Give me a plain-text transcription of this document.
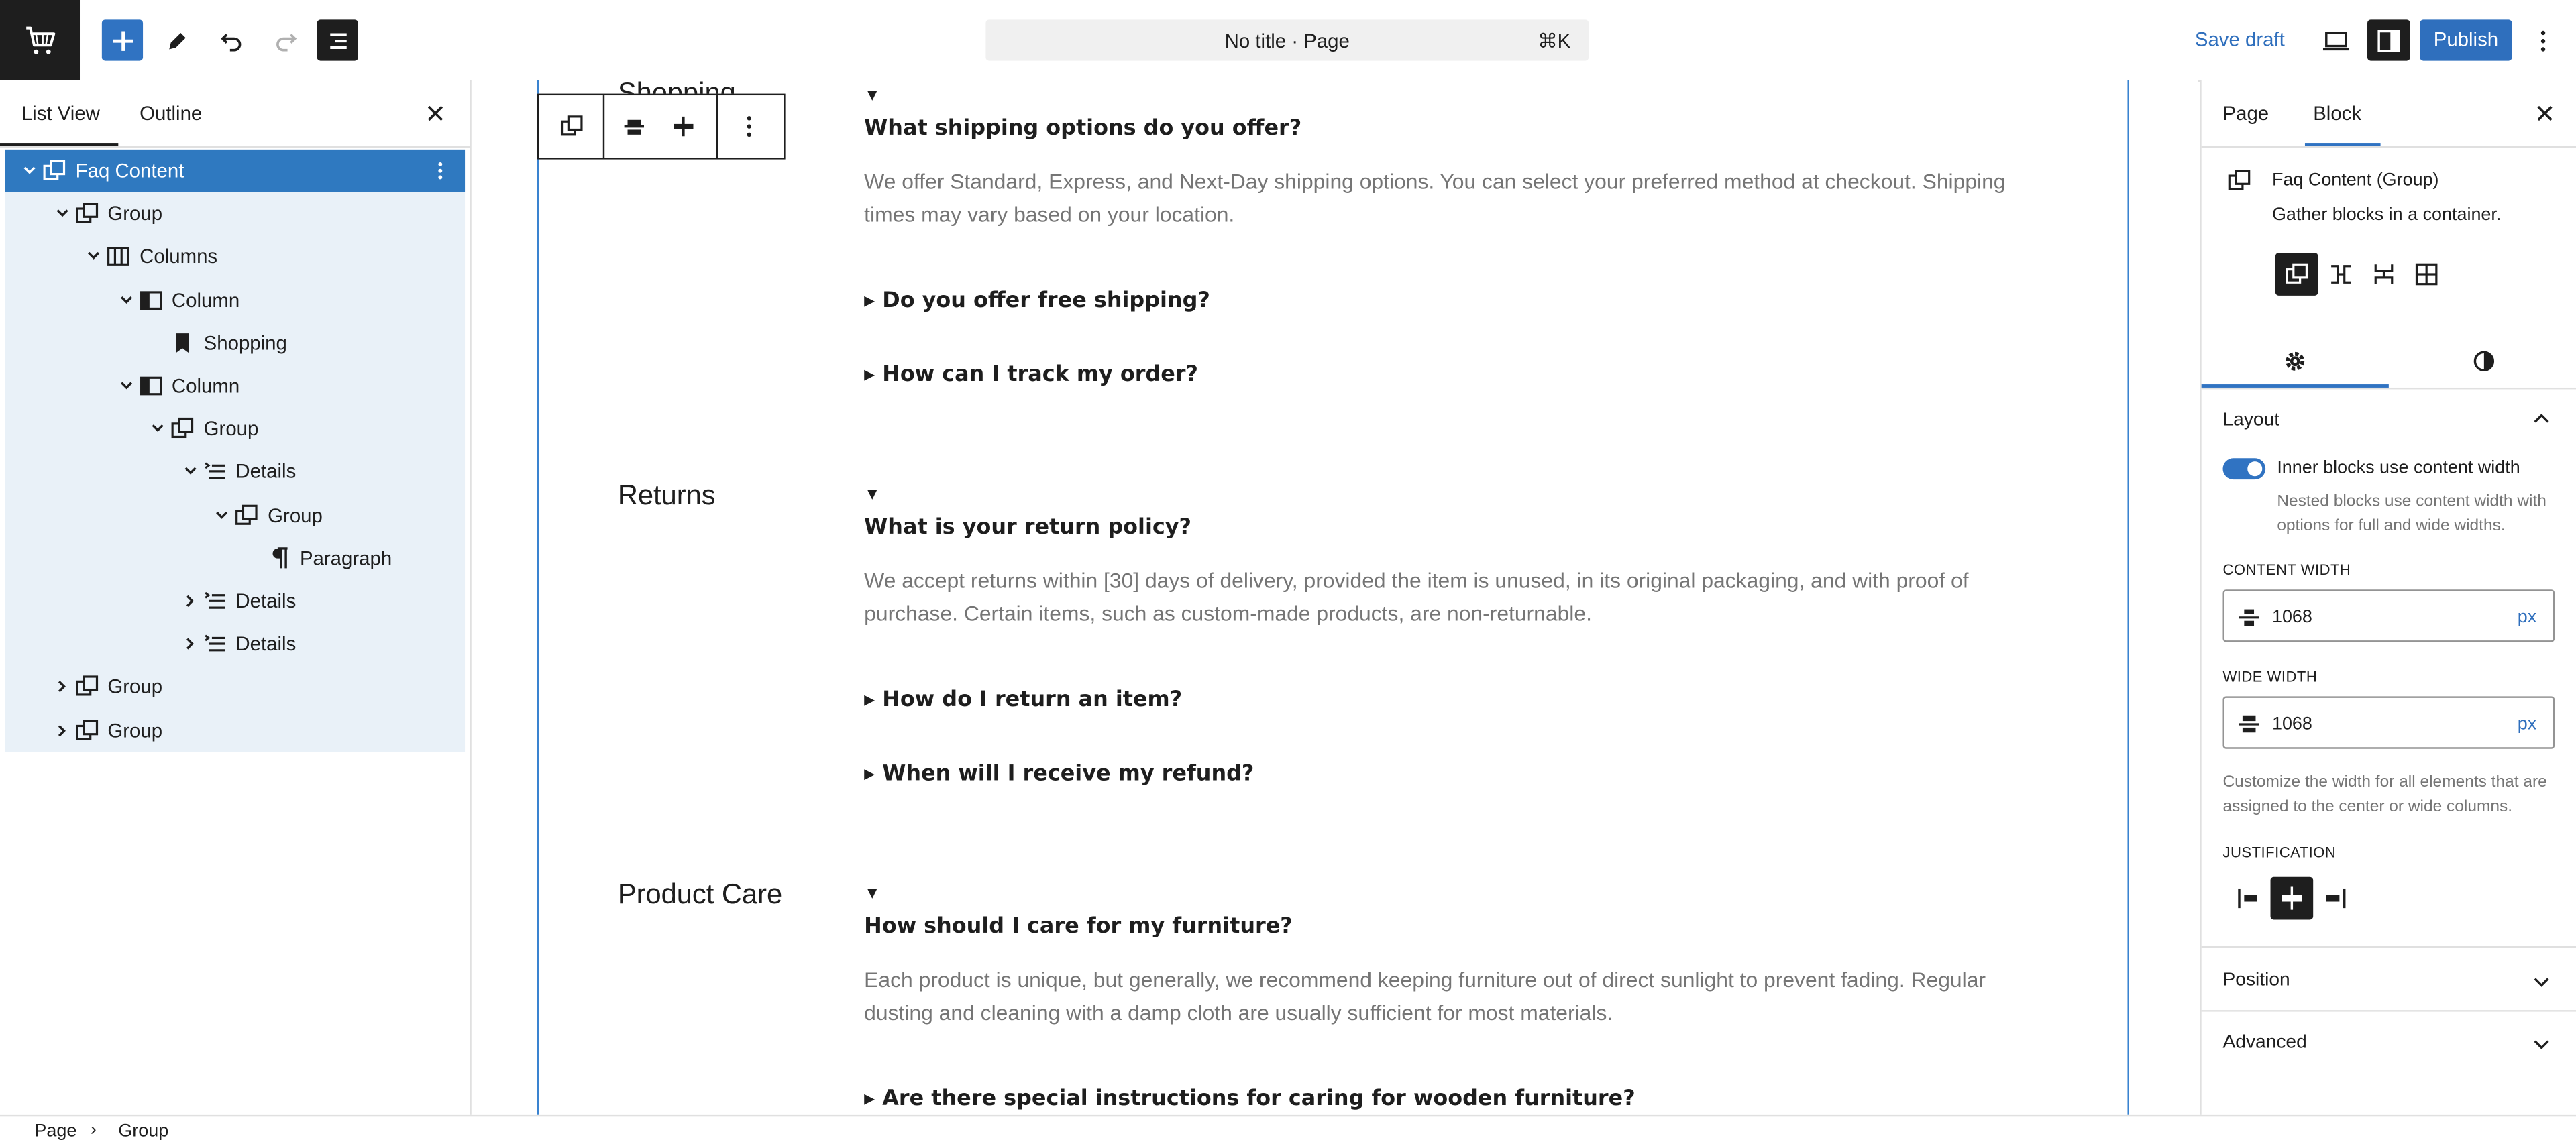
No title · Page	⌘K	Save draft	Publish
List View	Outline
Faq Content
Group
Columns
Column
Shopping
Column
Group
Details
Group
Paragraph
Details
Details
Group
Group
▼
What shipping options do you offer?
We offer Standard, Express, and Next-Day shipping options. You can select your preferred method at checkout. Shipping times may vary based on your location.
▸ Do you offer free shipping?
▸ How can I track my order?
Returns	▼
What is your return policy?
We accept returns within [30] days of delivery, provided the item is unused, in its original packaging, and with proof of purchase. Certain items, such as custom-made products, are non-returnable.
▸ How do I return an item?
▸ When will I receive my refund?
Product Care	▼
How should I care for my furniture?
Each product is unique, but generally, we recommend keeping furniture out of direct sunlight to prevent fading. Regular dusting and cleaning with a damp cloth are usually sufficient for most materials.
▸ Are there special instructions for caring for wooden furniture?
Page	Block
Faq Content (Group)
Gather blocks in a container.
Layout
Inner blocks use content width
Nested blocks use content width with options for full and wide widths.
CONTENT WIDTH
1068	px
WIDE WIDTH
1068	px
Customize the width for all elements that are assigned to the center or wide columns.
JUSTIFICATION
Position
Advanced
Page ›	Group
